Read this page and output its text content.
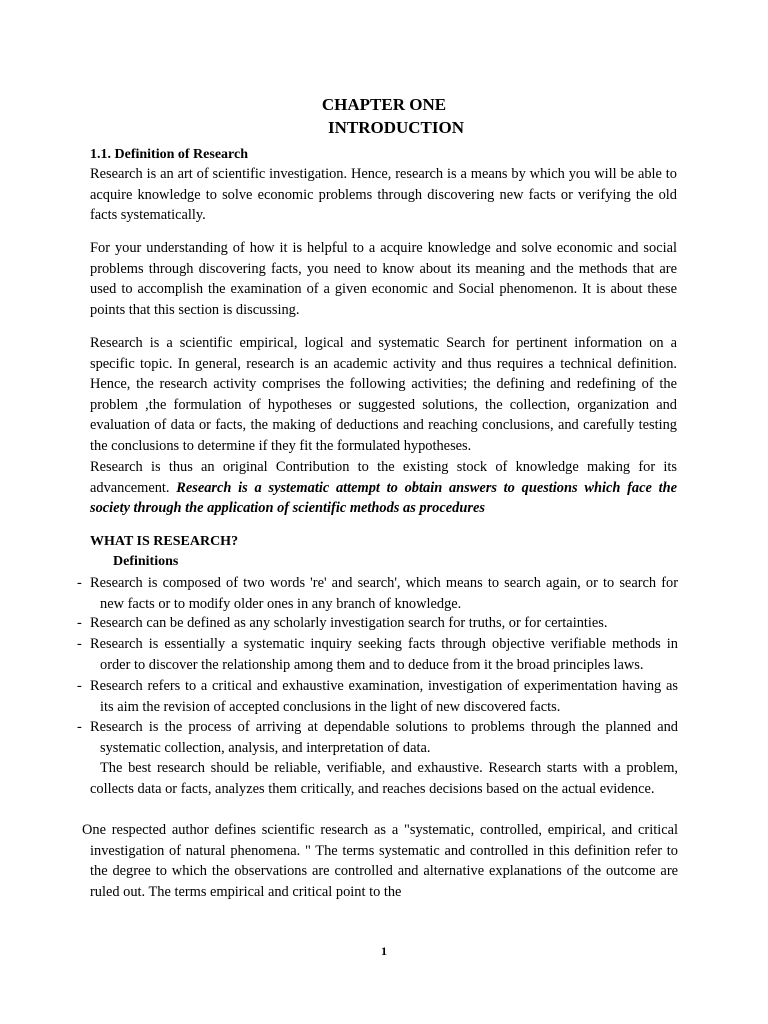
CHAPTER ONE
INTRODUCTION
1.1. Definition of Research

Research is an art of scientific investigation. Hence, research is a means by which you will be able to acquire knowledge to solve economic problems through discovering new facts or verifying the old facts systematically.

For your understanding of how it is helpful to a acquire knowledge and solve economic and social problems through discovering facts, you need to know about its meaning and the methods that are used to accomplish the examination of a given economic and Social phenomenon. It is about these points that this section is discussing.

Research is a scientific empirical, logical and systematic Search for pertinent information on a specific topic. In general, research is an academic activity and thus requires a technical definition. Hence, the research activity comprises the following activities; the defining and redefining of the problem ,the formulation of hypotheses or suggested solutions, the collection, organization and evaluation of data or facts, the making of deductions and reaching conclusions, and carefully testing the conclusions to determine if they fit the formulated hypotheses.

Research is thus an original Contribution to the existing stock of knowledge making for its advancement. Research is a systematic attempt to obtain answers to questions which face the society through the application of scientific methods as procedures

WHAT IS RESEARCH?
Definitions
- Research is composed of two words 're' and search', which means to search again, or to search for new facts or to modify older ones in any branch of knowledge.
- Research can be defined as any scholarly investigation search for truths, or for certainties.
- Research is essentially a systematic inquiry seeking facts through objective verifiable methods in order to discover the relationship among them and to deduce from it the broad principles laws.
- Research refers to a critical and exhaustive examination, investigation of experimentation having as its aim the revision of accepted conclusions in the light of new discovered facts.
- Research is the process of arriving at dependable solutions to problems through the planned and systematic collection, analysis, and interpretation of data.

The best research should be reliable, verifiable, and exhaustive. Research starts with a problem, collects data or facts, analyzes them critically, and reaches decisions based on the actual evidence.

One respected author defines scientific research as a "systematic, controlled, empirical, and critical investigation of natural phenomena. " The terms systematic and controlled in this definition refer to the degree to which the observations are controlled and alternative explanations of the outcome are ruled out. The terms empirical and critical point to the

1
